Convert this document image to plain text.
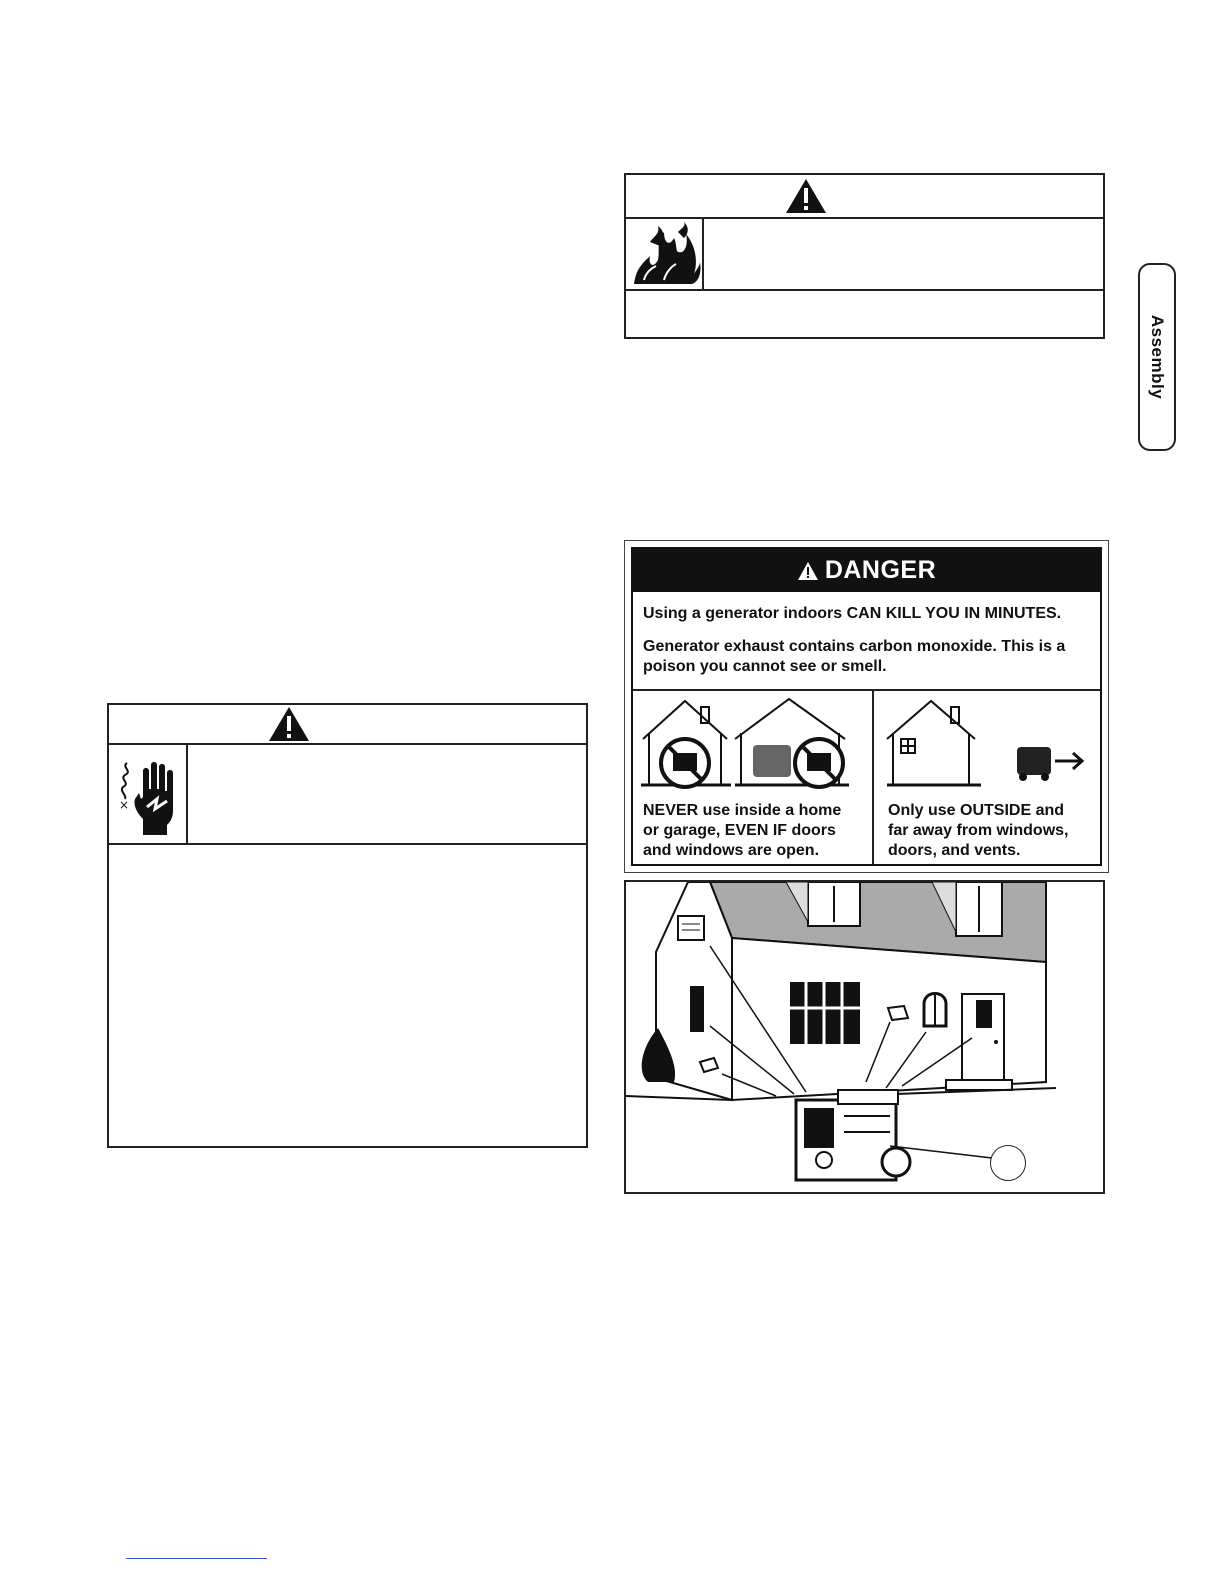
Assembly
×
DANGER
Using a generator indoors CAN KILL YOU IN MINUTES.
Generator exhaust contains carbon monoxide. This is a poison you cannot see or smell.
NEVER use inside a home
or garage, EVEN IF doors
and windows are open.
Only use OUTSIDE and
far away from windows,
doors, and vents.
